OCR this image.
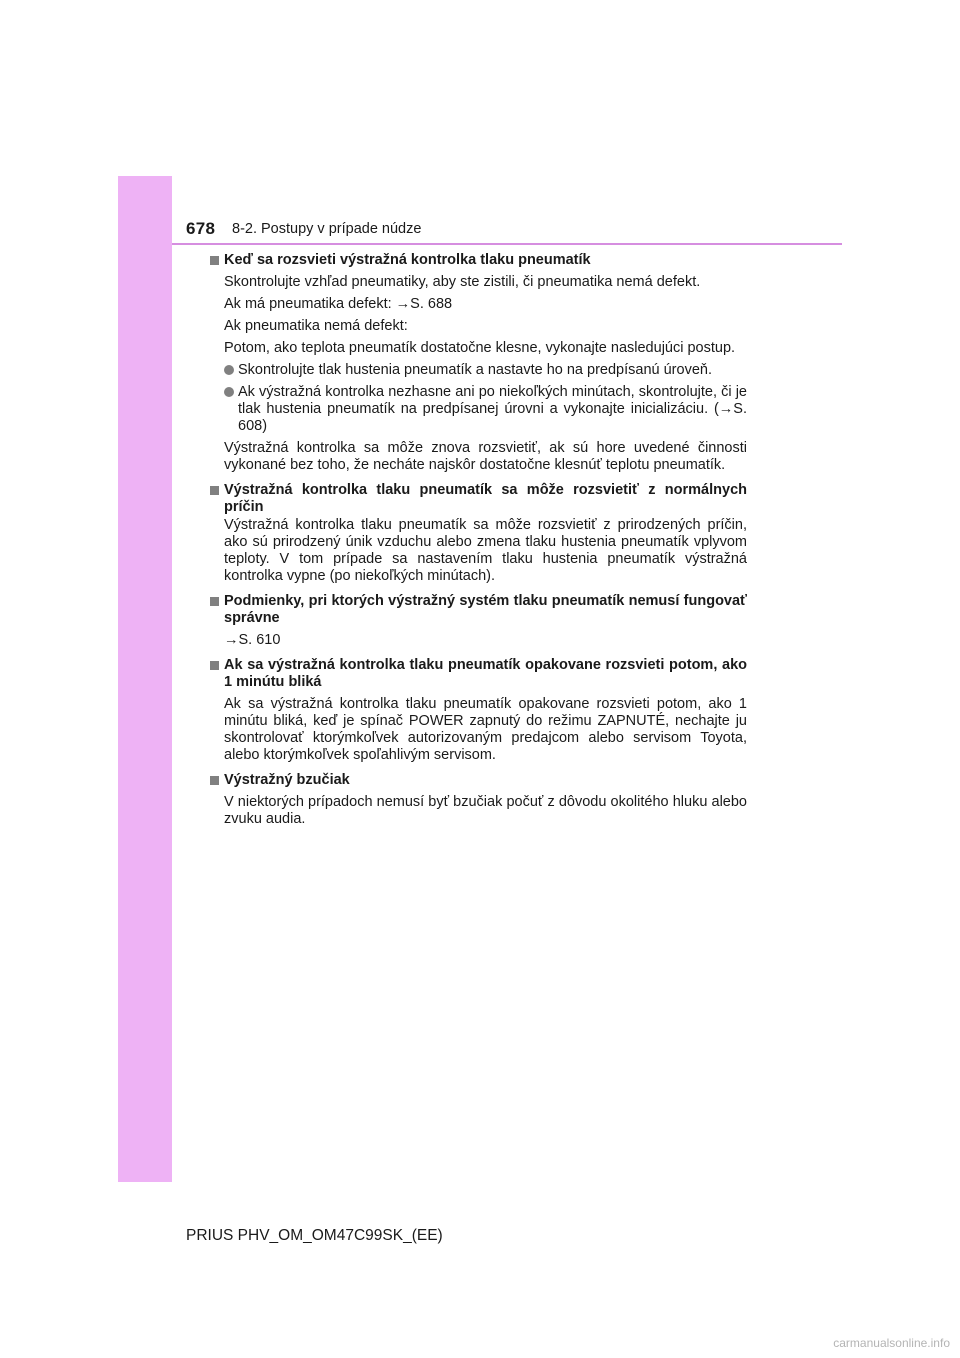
678 8-2. Postupy v prípade núdze
Keď sa rozsvieti výstražná kontrolka tlaku pneumatík
Skontrolujte vzhľad pneumatiky, aby ste zistili, či pneumatika nemá defekt.
Ak má pneumatika defekt: →S. 688
Ak pneumatika nemá defekt:
Potom, ako teplota pneumatík dostatočne klesne, vykonajte nasledujúci postup.
Skontrolujte tlak hustenia pneumatík a nastavte ho na predpísanú úroveň.
Ak výstražná kontrolka nezhasne ani po niekoľkých minútach, skontrolujte, či je tlak hustenia pneumatík na predpísanej úrovni a vykonajte inicializáciu. (→S. 608)
Výstražná kontrolka sa môže znova rozsvietiť, ak sú hore uvedené činnosti vykonané bez toho, že necháte najskôr dostatočne klesnúť teplotu pneumatík.
Výstražná kontrolka tlaku pneumatík sa môže rozsvietiť z normálnych príčin
Výstražná kontrolka tlaku pneumatík sa môže rozsvietiť z prirodzených príčin, ako sú prirodzený únik vzduchu alebo zmena tlaku hustenia pneumatík vplyvom teploty. V tom prípade sa nastavením tlaku hustenia pneumatík výstražná kontrolka vypne (po niekoľkých minútach).
Podmienky, pri ktorých výstražný systém tlaku pneumatík nemusí fungovať správne
→S. 610
Ak sa výstražná kontrolka tlaku pneumatík opakovane rozsvieti potom, ako 1 minútu bliká
Ak sa výstražná kontrolka tlaku pneumatík opakovane rozsvieti potom, ako 1 minútu bliká, keď je spínač POWER zapnutý do režimu ZAPNUTÉ, nechajte ju skontrolovať ktorýmkoľvek autorizovaným predajcom alebo servisom Toyota, alebo ktorýmkoľvek spoľahlivým servisom.
Výstražný bzučiak
V niektorých prípadoch nemusí byť bzučiak počuť z dôvodu okolitého hluku alebo zvuku audia.
PRIUS PHV_OM_OM47C99SK_(EE)
carmanualsonline.info
